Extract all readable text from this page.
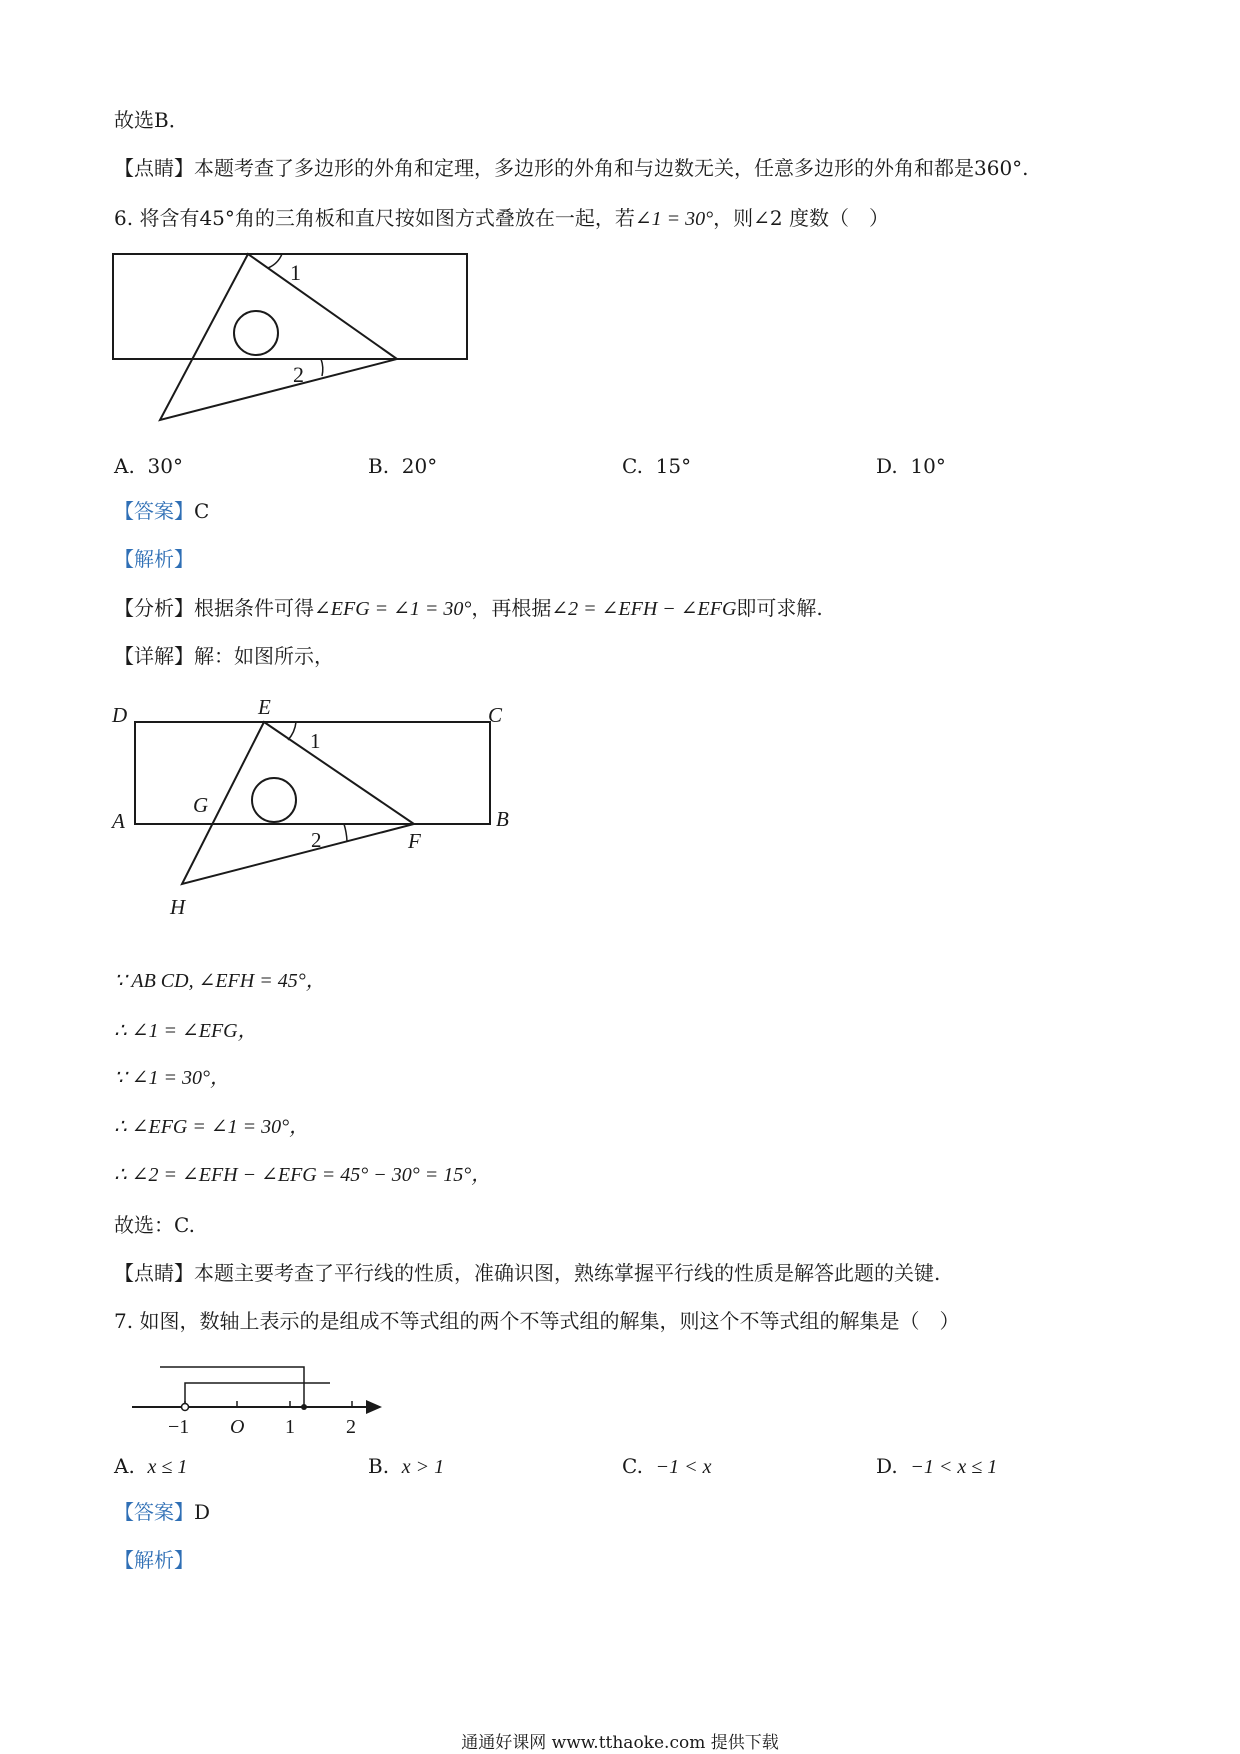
故选B．
【点睛】本题考查了多边形的外角和定理，多边形的外角和与边数无关，任意多边形的外角和都是360°.
6. 将含有45°角的三角板和直尺按如图方式叠放在一起，若∠1 = 30°，则∠2 度数（　）
1
2
A. 30°	B. 20°	C. 15°	D. 10°
【答案】C
【解析】
【分析】根据条件可得∠EFG = ∠1 = 30°，再根据∠2 = ∠EFH − ∠EFG即可求解.
【详解】解：如图所示，
D	E	C
A
G
B
F
H
1
2
∵ AB CD, ∠EFH = 45°，
∴ ∠1 = ∠EFG，
∵ ∠1 = 30°，
∴ ∠EFG = ∠1 = 30°，
∴ ∠2 = ∠EFH − ∠EFG = 45° − 30° = 15°，
故选：C.
【点睛】本题主要考查了平行线的性质，准确识图，熟练掌握平行线的性质是解答此题的关键.
7. 如图，数轴上表示的是组成不等式组的两个不等式组的解集，则这个不等式组的解集是（　）
−1 O 1	2
A. x ≤ 1	B. x > 1	C. −1 < x	D. −1 < x ≤ 1
【答案】D
【解析】
通通好课网 www.tthaoke.com 提供下载
